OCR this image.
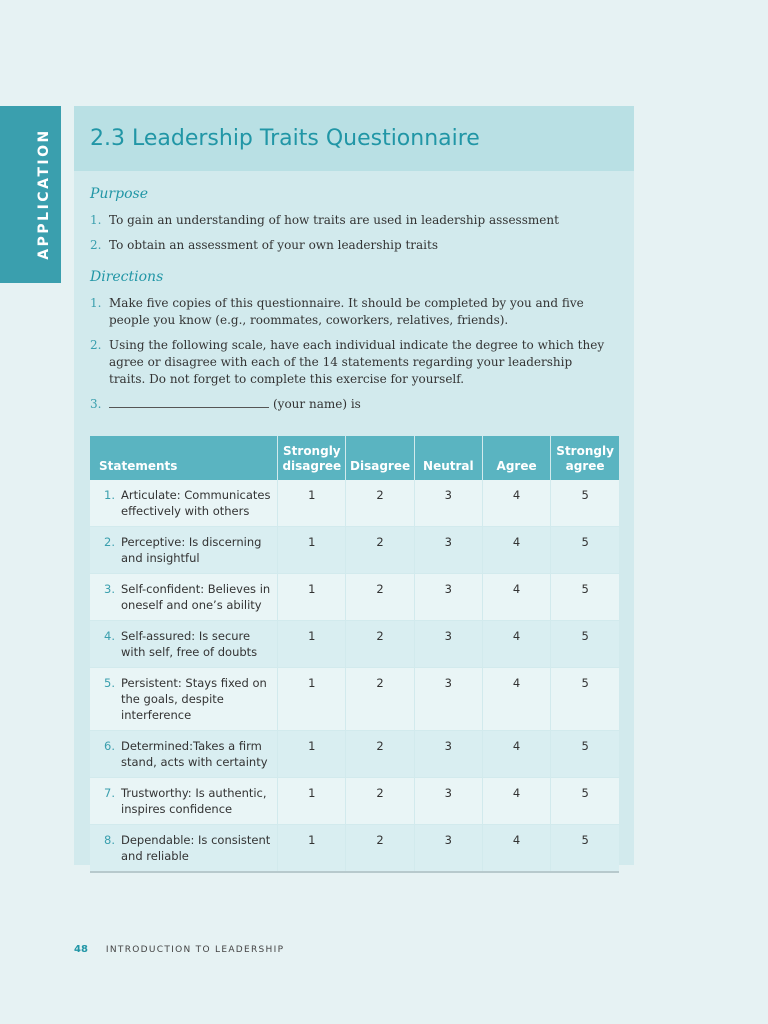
APPLICATION 2.3 Leadership Traits Questionnaire
Purpose
1. To gain an understanding of how traits are used in leadership assessment
2. To obtain an assessment of your own leadership traits
Directions
1. Make five copies of this questionnaire. It should be completed by you and five people you know (e.g., roommates, coworkers, relatives, friends).
2. Using the following scale, have each individual indicate the degree to which they agree or disagree with each of the 14 statements regarding your leadership traits. Do not forget to complete this exercise for yourself.
3.	(your name) is
Statements	Strongly disagree	Disagree	Neutral	Agree	Strongly agree

1. Articulate: Communicates effectively with others	1	2	3	4	5

2. Perceptive: Is discerning and insightful	1	2	3	4	5

3. Self-confident: Believes in oneself and one’s ability	1	2	3	4	5

4. Self-assured: Is secure with self, free of doubts	1	2	3	4	5

5. Persistent: Stays fixed on the goals, despite interference	1	2	3	4	5

6. Determined:Takes a firm stand, acts with certainty	1	2	3	4	5

7. Trustworthy: Is authentic, inspires confidence	1	2	3	4	5

8. Dependable: Is consistent and reliable	1	2	3	4	5
48 INTRODUCTION TO LEADERSHIP
